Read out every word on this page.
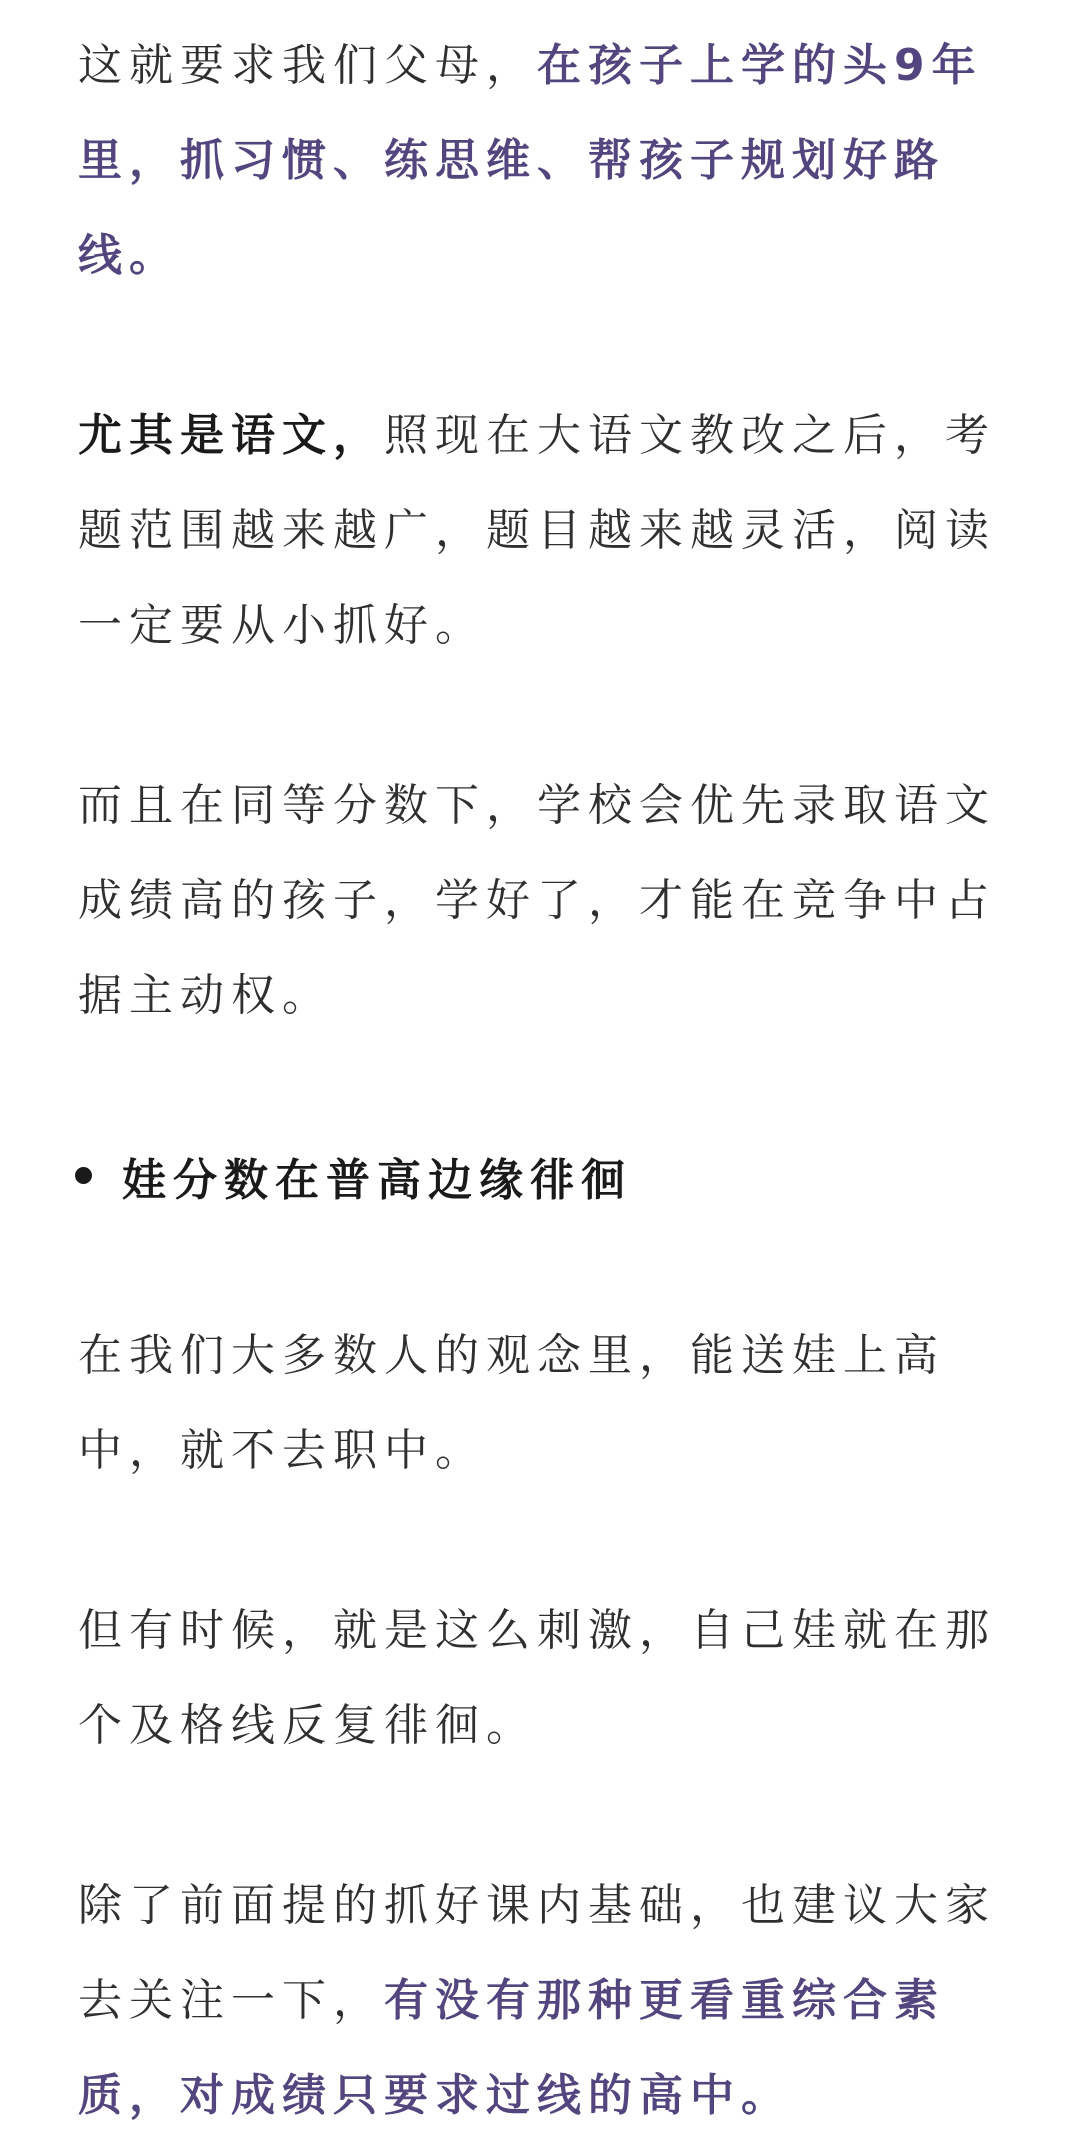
这就要求我们父母，在孩子上学的头9年里，抓习惯、练思维、帮孩子规划好路线。

尤其是语文，照现在大语文教改之后，考题范围越来越广，题目越来越灵活，阅读一定要从小抓好。

而且在同等分数下，学校会优先录取语文成绩高的孩子，学好了，才能在竞争中占据主动权。

娃分数在普高边缘徘徊

在我们大多数人的观念里，能送娃上高中，就不去职中。

但有时候，就是这么刺激，自己娃就在那个及格线反复徘徊。

除了前面提的抓好课内基础，也建议大家去关注一下，有没有那种更看重综合素质，对成绩只要求过线的高中。
